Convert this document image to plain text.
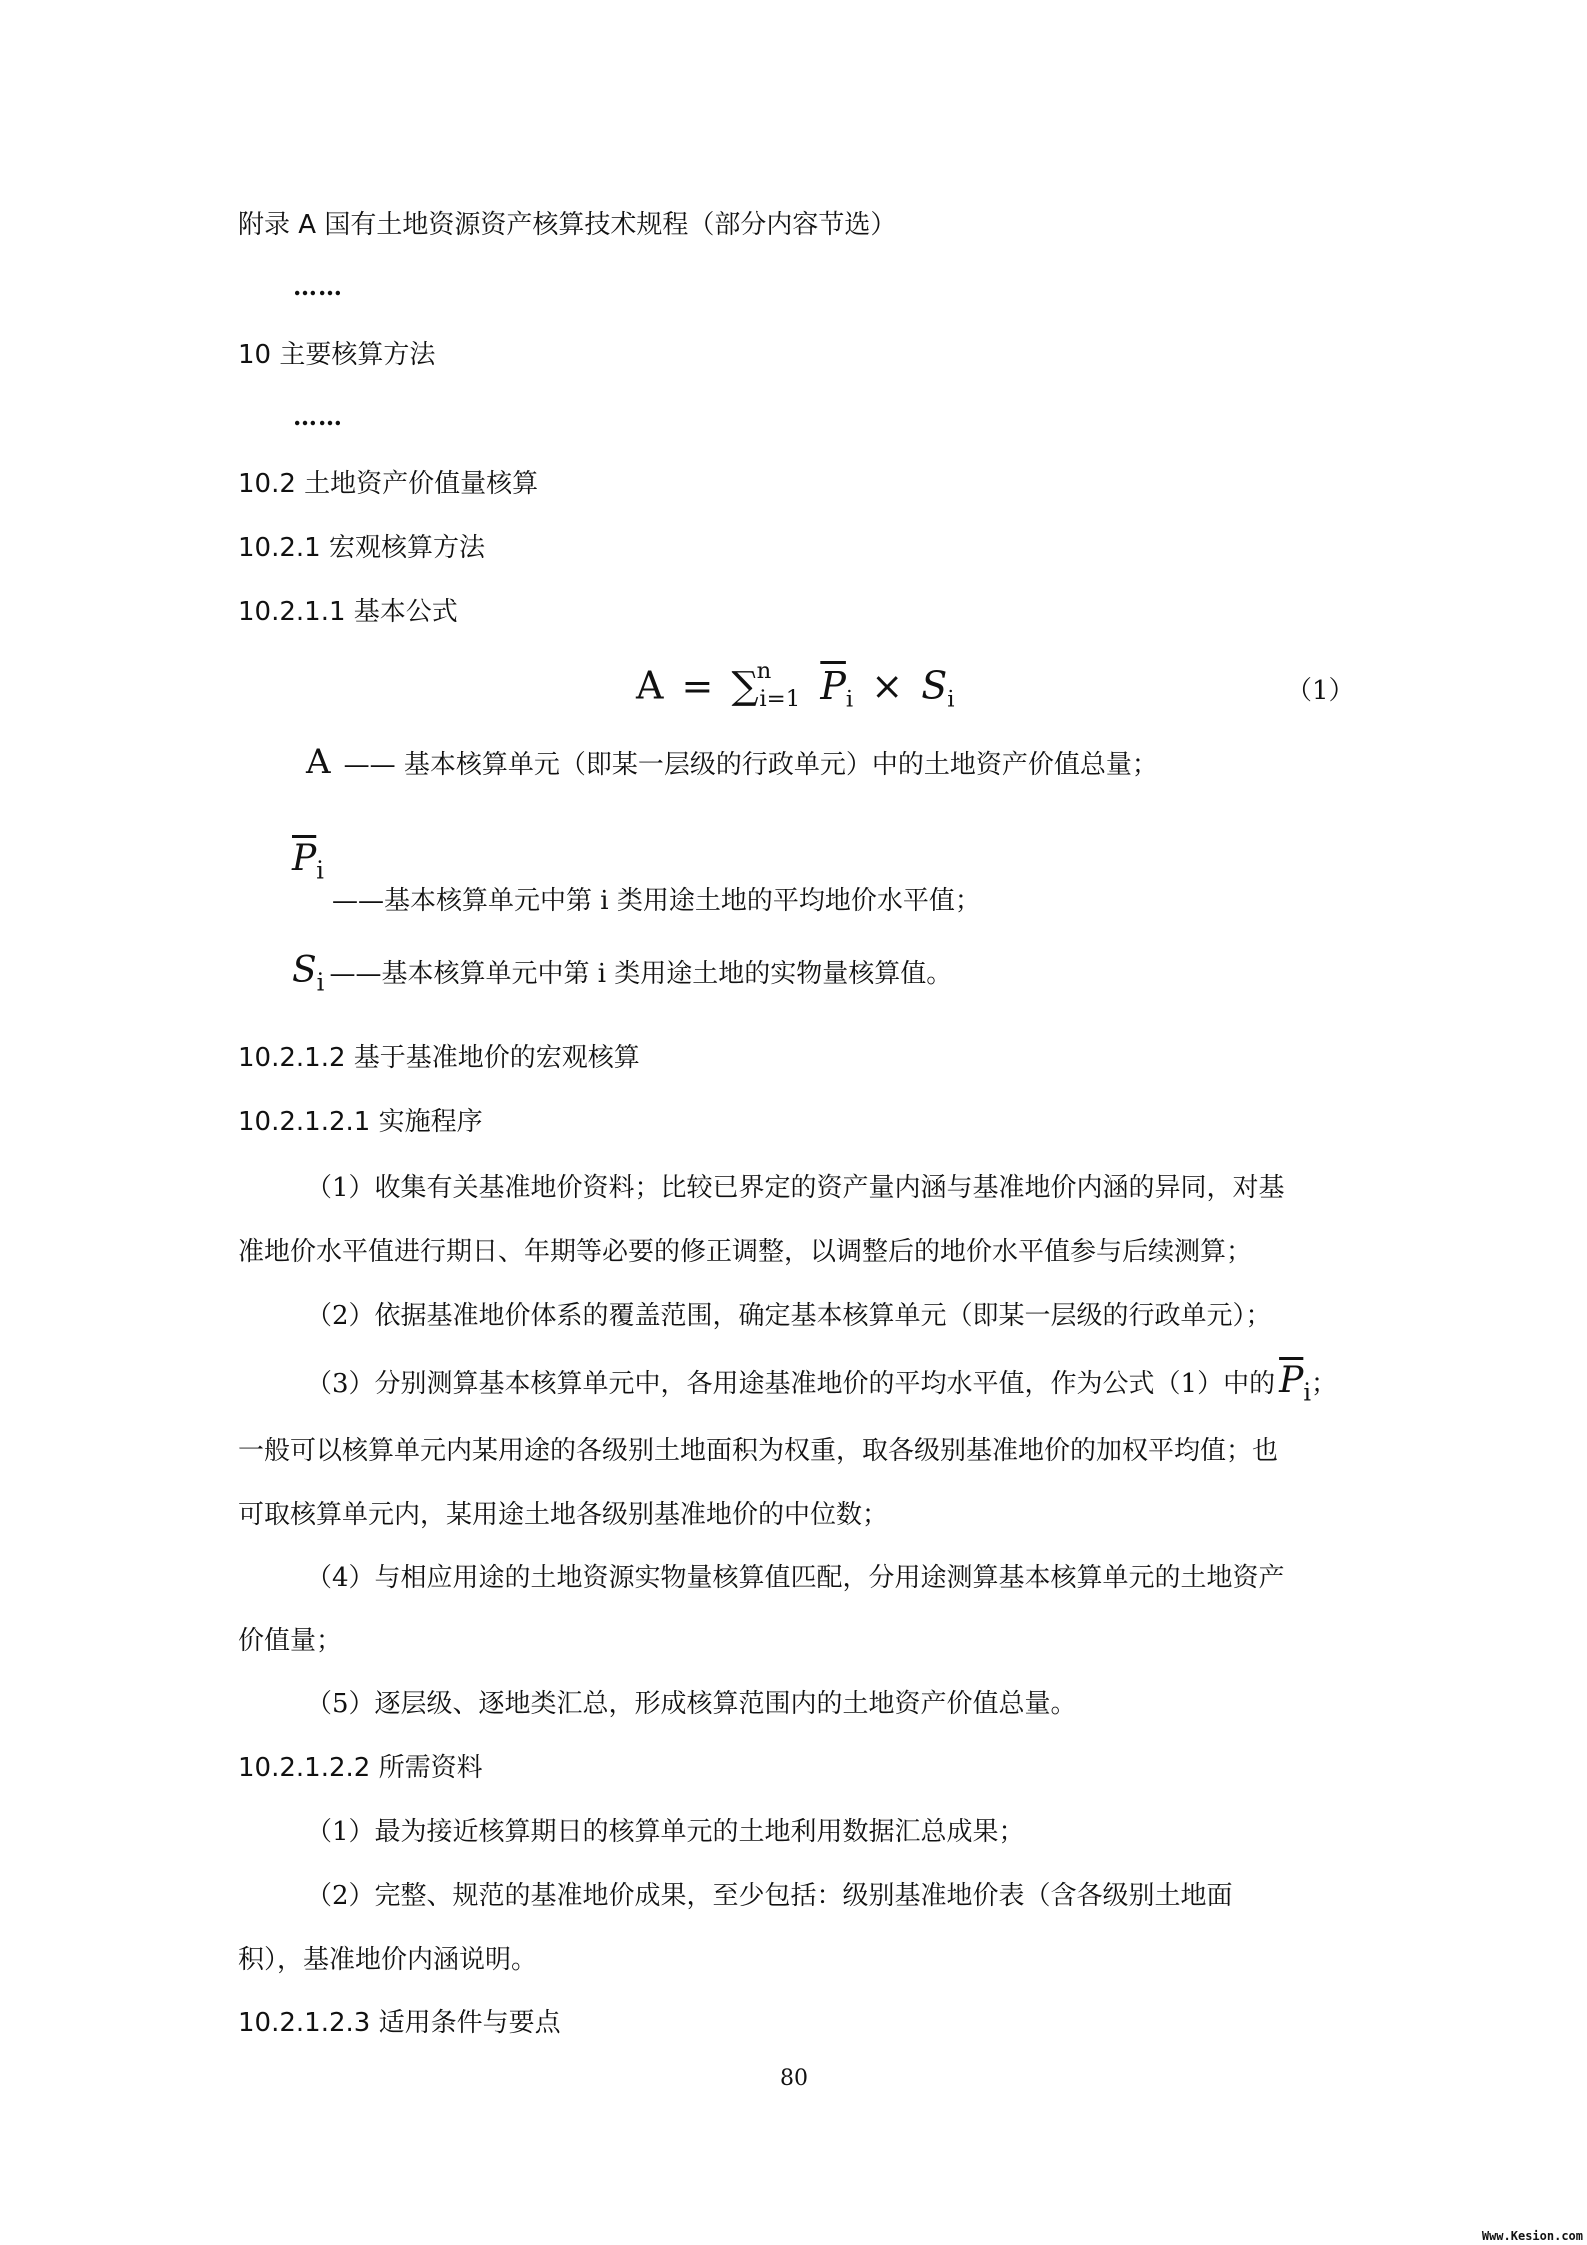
附录 A 国有土地资源资产核算技术规程（部分内容节选）
……
10 主要核算方法
……
10.2 土地资产价值量核算
10.2.1 宏观核算方法
10.2.1.1 基本公式
A = ∑$^n_{i=1}$ $\overline{P}_i \times S_i$	（1）
A —— 基本核算单元（即某一层级的行政单元）中的土地资产价值总量；
$\overline{P}i$
——基本核算单元中第 i 类用途土地的平均地价水平值；
Si ——基本核算单元中第 i 类用途土地的实物量核算值。
10.2.1.2 基于基准地价的宏观核算
10.2.1.2.1 实施程序
（1）收集有关基准地价资料；比较已界定的资产量内涵与基准地价内涵的异同，对基
准地价水平值进行期日、年期等必要的修正调整，以调整后的地价水平值参与后续测算；
（2）依据基准地价体系的覆盖范围，确定基本核算单元（即某一层级的行政单元）；
（3）分别测算基本核算单元中，各用途基准地价的平均水平值，作为公式（1）中的 $\overline{P}i$；
一般可以核算单元内某用途的各级别土地面积为权重，取各级别基准地价的加权平均值；也
可取核算单元内，某用途土地各级别基准地价的中位数；
（4）与相应用途的土地资源实物量核算值匹配，分用途测算基本核算单元的土地资产
价值量；
（5）逐层级、逐地类汇总，形成核算范围内的土地资产价值总量。
10.2.1.2.2 所需资料
（1）最为接近核算期日的核算单元的土地利用数据汇总成果；
（2）完整、规范的基准地价成果，至少包括：级别基准地价表（含各级别土地面
积），基准地价内涵说明。
10.2.1.2.3 适用条件与要点
80
Www.Kesion.com
